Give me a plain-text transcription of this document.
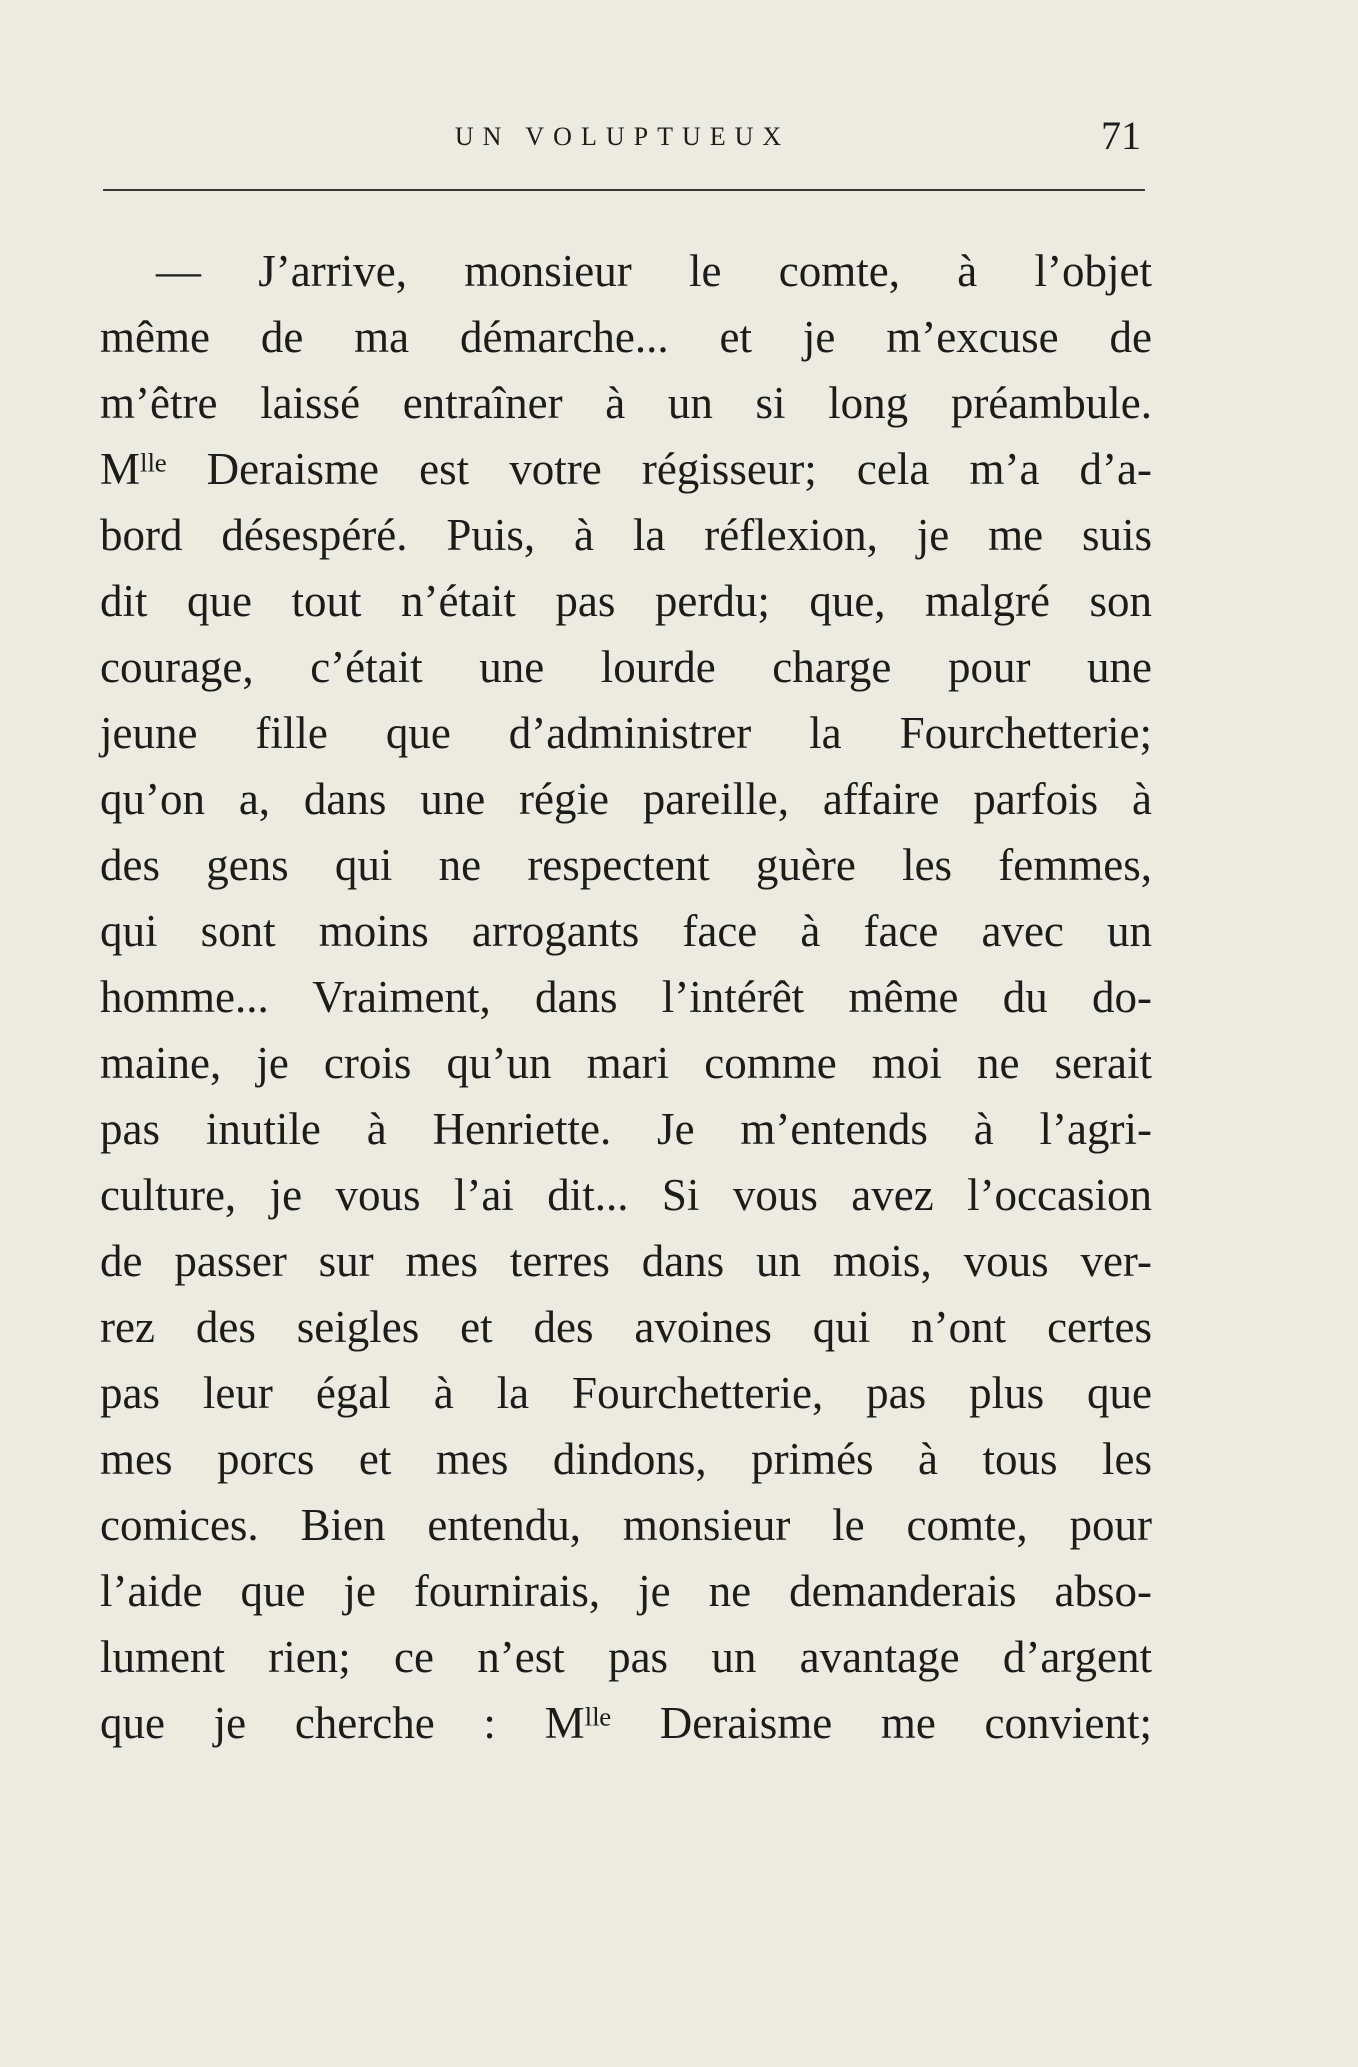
UN VOLUPTUEUX	71
— J’arrive, monsieur le comte, à l’objet
même de ma démarche... et je m’excuse de
m’être laissé entraîner à un si long préambule.
Mˡˡᵉ Deraisme est votre régisseur; cela m’a d’a-
bord désespéré. Puis, à la réflexion, je me suis
dit que tout n’était pas perdu; que, malgré son
courage, c’était une lourde charge pour une
jeune fille que d’administrer la Fourchetterie;
qu’on a, dans une régie pareille, affaire parfois à
des gens qui ne respectent guère les femmes,
qui sont moins arrogants face à face avec un
homme... Vraiment, dans l’intérêt même du do-
maine, je crois qu’un mari comme moi ne serait
pas inutile à Henriette. Je m’entends à l’agri-
culture, je vous l’ai dit... Si vous avez l’occasion
de passer sur mes terres dans un mois, vous ver-
rez des seigles et des avoines qui n’ont certes
pas leur égal à la Fourchetterie, pas plus que
mes porcs et mes dindons, primés à tous les
comices. Bien entendu, monsieur le comte, pour
l’aide que je fournirais, je ne demanderais abso-
lument rien; ce n’est pas un avantage d’argent
que je cherche : Mˡˡᵉ Deraisme me convient;
